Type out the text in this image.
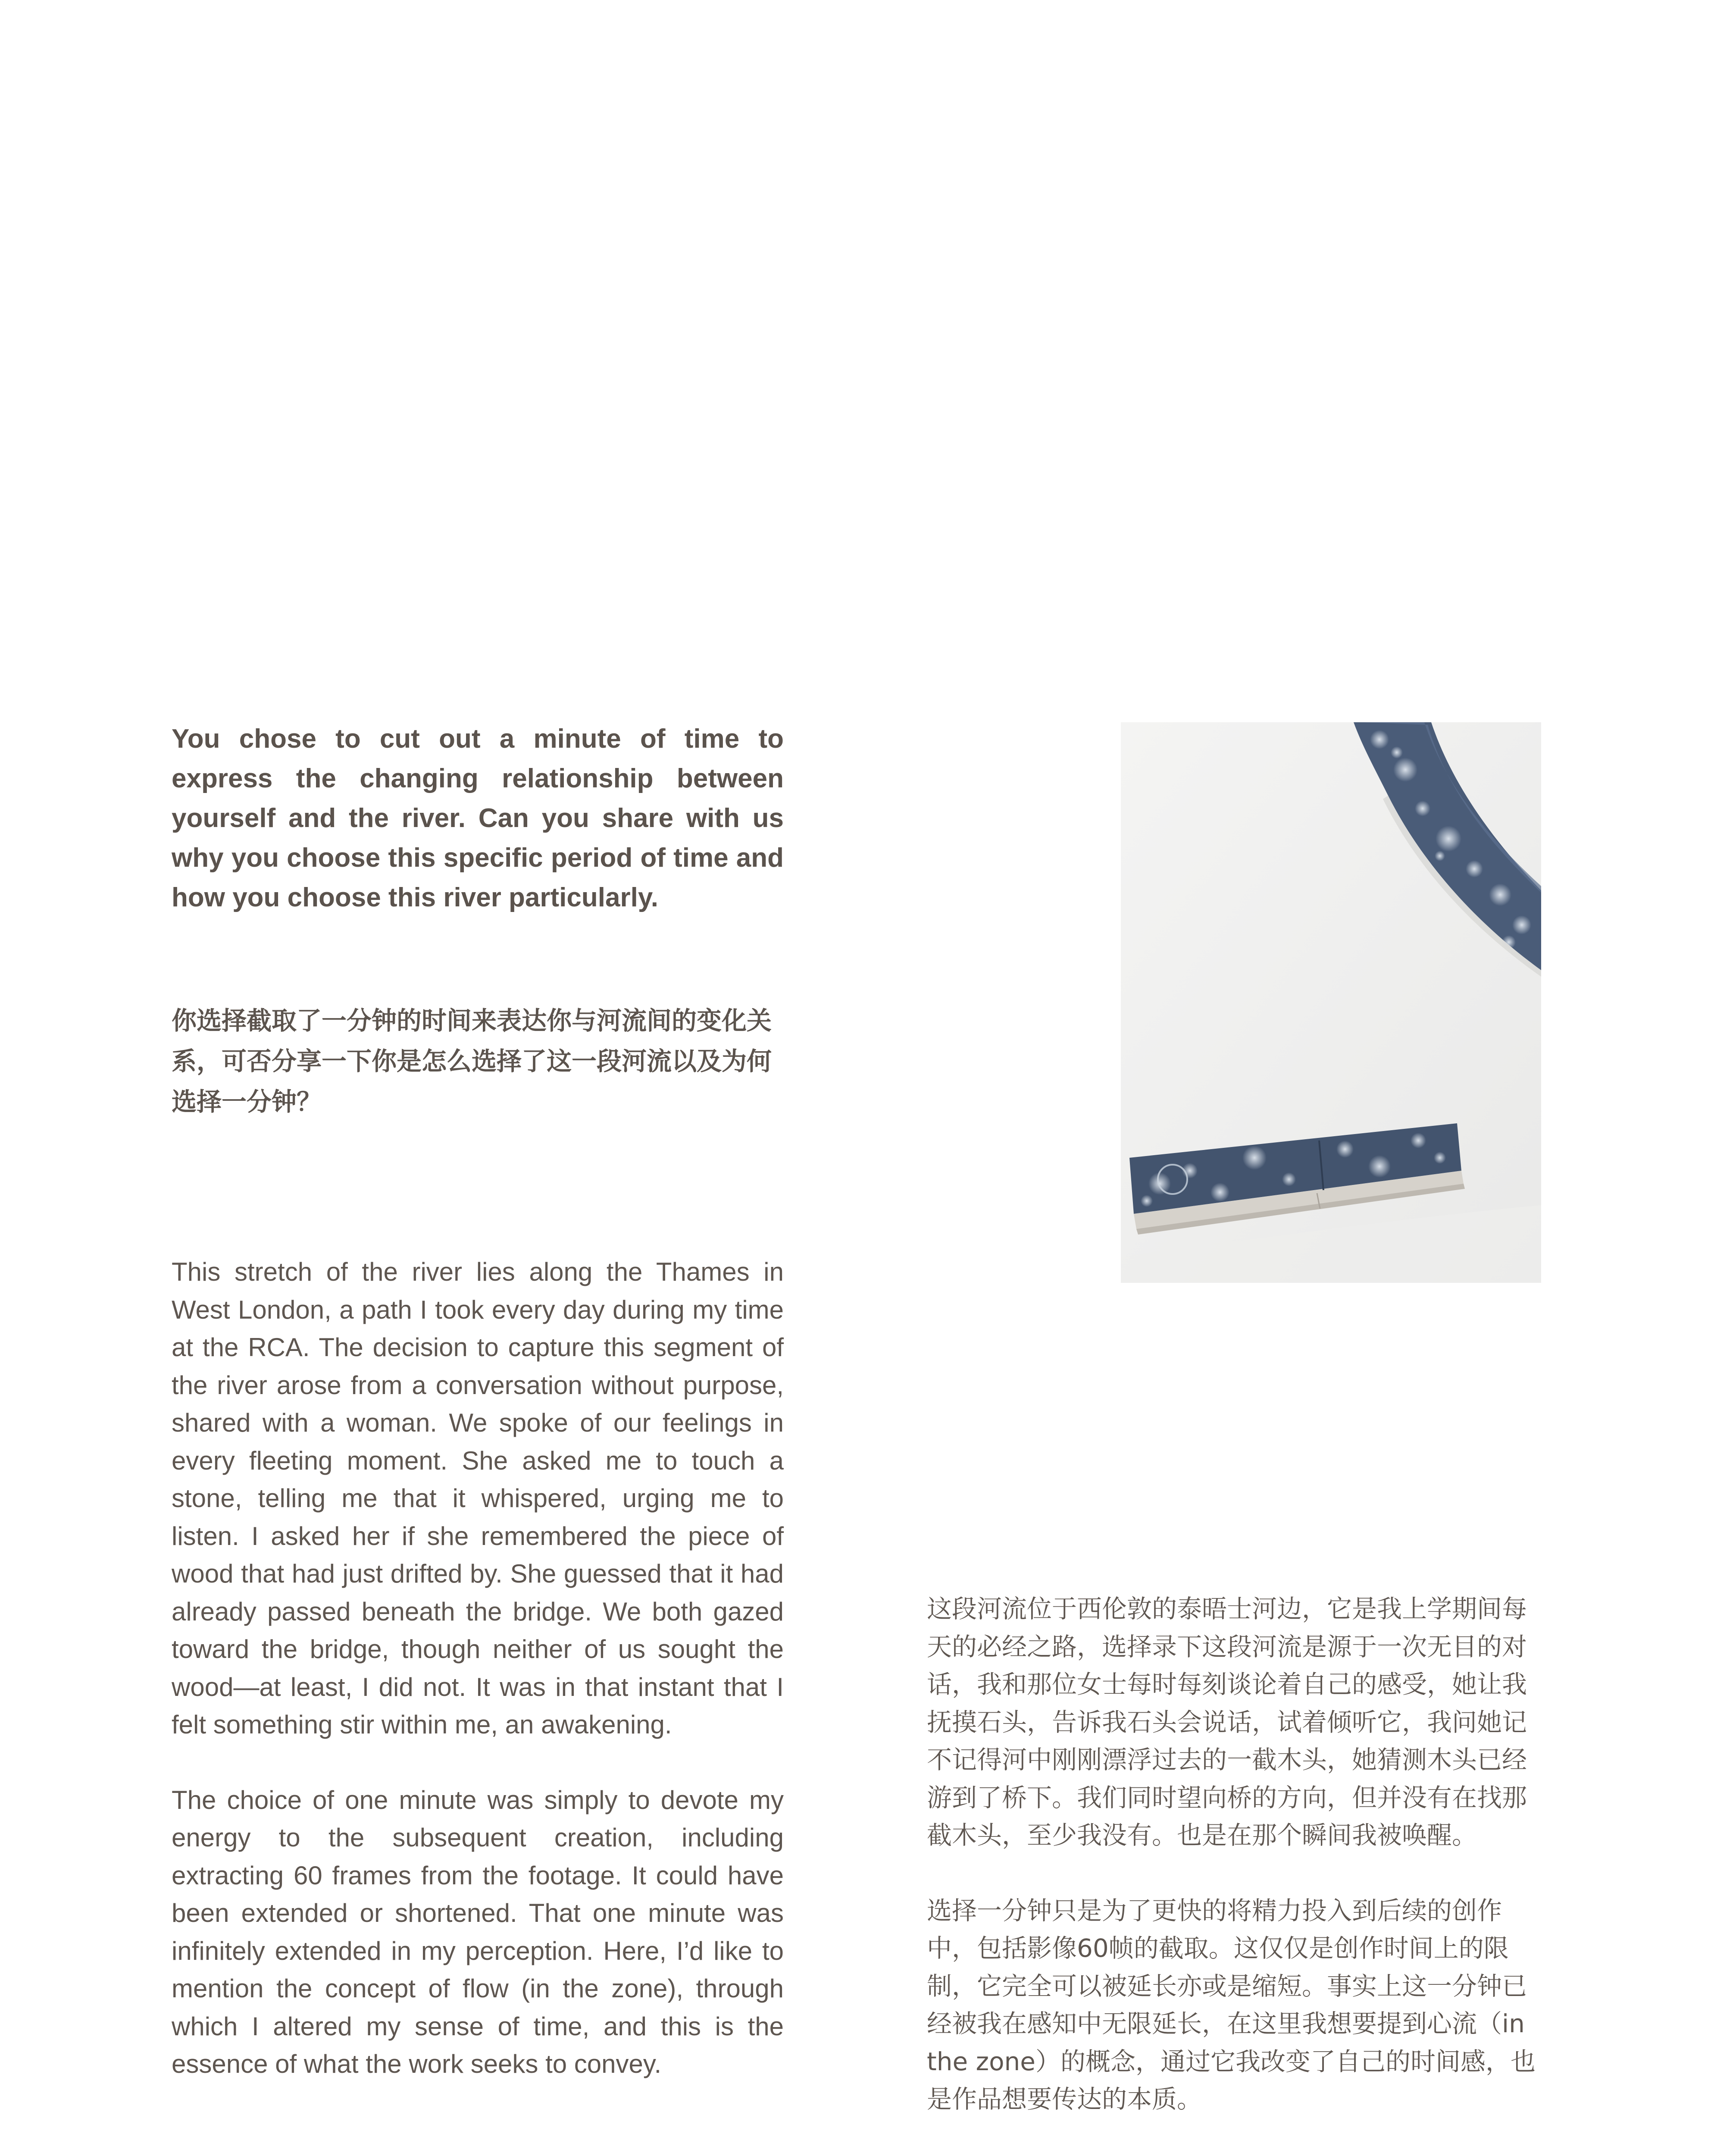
You chose to cut out a minute of time to express the changing relationship between yourself and the river. Can you share with us why you choose this specific period of time and how you choose this river particularly.

你选择截取了一分钟的时间来表达你与河流间的变化关系，可否分享一下你是怎么选择了这一段河流以及为何选择一分钟？

This stretch of the river lies along the Thames in West London, a path I took every day during my time at the RCA. The decision to capture this segment of the river arose from a conversation without purpose, shared with a woman. We spoke of our feelings in every fleeting moment. She asked me to touch a stone, telling me that it whispered, urging me to listen. I asked her if she remembered the piece of wood that had just drifted by. She guessed that it had already passed beneath the bridge. We both gazed toward the bridge, though neither of us sought the wood—at least, I did not. It was in that instant that I felt something stir within me, an awakening.

The choice of one minute was simply to devote my energy to the subsequent creation, including extracting 60 frames from the footage. It could have been extended or shortened. That one minute was infinitely extended in my perception. Here, I’d like to mention the concept of flow (in the zone), through which I altered my sense of time, and this is the essence of what the work seeks to convey.

这段河流位于西伦敦的泰晤士河边，它是我上学期间每天的必经之路，选择录下这段河流是源于一次无目的对话，我和那位女士每时每刻谈论着自己的感受，她让我抚摸石头，告诉我石头会说话，试着倾听它，我问她记不记得河中刚刚漂浮过去的一截木头，她猜测木头已经游到了桥下。我们同时望向桥的方向，但并没有在找那截木头，至少我没有。也是在那个瞬间我被唤醒。

选择一分钟只是为了更快的将精力投入到后续的创作中，包括影像60帧的截取。这仅仅是创作时间上的限制，它完全可以被延长亦或是缩短。事实上这一分钟已经被我在感知中无限延长，在这里我想要提到心流（in the zone）的概念，通过它我改变了自己的时间感，也是作品想要传达的本质。
